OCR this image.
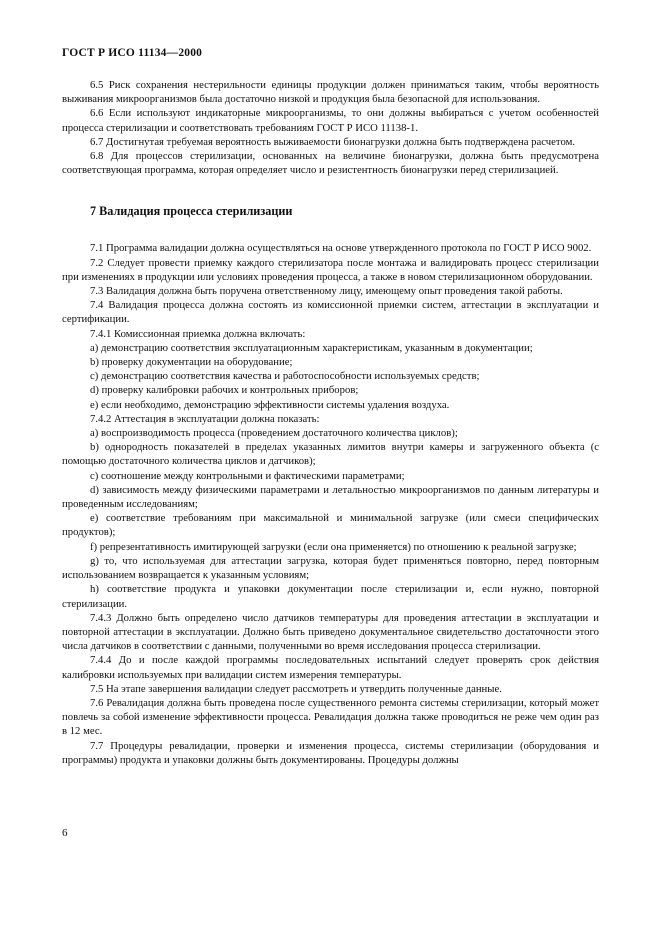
ГОСТ Р ИСО 11134—2000

6.5 Риск сохранения нестерильности единицы продукции должен приниматься таким, чтобы вероятность выживания микроорганизмов была достаточно низкой и продукция была безопасной для использования.

6.6 Если используют индикаторные микроорганизмы, то они должны выбираться с учетом особенностей процесса стерилизации и соответствовать требованиям ГОСТ Р ИСО 11138-1.

6.7 Достигнутая требуемая вероятность выживаемости бионагрузки должна быть подтверждена расчетом.

6.8 Для процессов стерилизации, основанных на величине бионагрузки, должна быть предусмотрена соответствующая программа, которая определяет число и резистентность бионагрузки перед стерилизацией.

7 Валидация процесса стерилизации

7.1 Программа валидации должна осуществляться на основе утвержденного протокола по ГОСТ Р ИСО 9002.

7.2 Следует провести приемку каждого стерилизатора после монтажа и валидировать процесс стерилизации при изменениях в продукции или условиях проведения процесса, а также в новом стерилизационном оборудовании.

7.3 Валидация должна быть поручена ответственному лицу, имеющему опыт проведения такой работы.

7.4 Валидация процесса должна состоять из комиссионной приемки систем, аттестации в эксплуатации и сертификации.

7.4.1 Комиссионная приемка должна включать:

a) демонстрацию соответствия эксплуатационным характеристикам, указанным в документации;

b) проверку документации на оборудование;

c) демонстрацию соответствия качества и работоспособности используемых средств;

d) проверку калибровки рабочих и контрольных приборов;

e) если необходимо, демонстрацию эффективности системы удаления воздуха.

7.4.2 Аттестация в эксплуатации должна показать:

a) воспроизводимость процесса (проведением достаточного количества циклов);

b) однородность показателей в пределах указанных лимитов внутри камеры и загруженного объекта (с помощью достаточного количества циклов и датчиков);

c) соотношение между контрольными и фактическими параметрами;

d) зависимость между физическими параметрами и летальностью микроорганизмов по данным литературы и проведенным исследованиям;

e) соответствие требованиям при максимальной и минимальной загрузке (или смеси специфических продуктов);

f) репрезентативность имитирующей загрузки (если она применяется) по отношению к реальной загрузке;

g) то, что используемая для аттестации загрузка, которая будет применяться повторно, перед повторным использованием возвращается к указанным условиям;

h) соответствие продукта и упаковки документации после стерилизации и, если нужно, повторной стерилизации.

7.4.3 Должно быть определено число датчиков температуры для проведения аттестации в эксплуатации и повторной аттестации в эксплуатации. Должно быть приведено документальное свидетельство достаточности этого числа датчиков в соответствии с данными, полученными во время исследования процесса стерилизации.

7.4.4 До и после каждой программы последовательных испытаний следует проверять срок действия калибровки используемых при валидации систем измерения температуры.

7.5 На этапе завершения валидации следует рассмотреть и утвердить полученные данные.

7.6 Ревалидация должна быть проведена после существенного ремонта системы стерилизации, который может повлечь за собой изменение эффективности процесса. Ревалидация должна также проводиться не реже чем один раз в 12 мес.

7.7 Процедуры ревалидации, проверки и изменения процесса, системы стерилизации (оборудования и программы) продукта и упаковки должны быть документированы. Процедуры должны

6
